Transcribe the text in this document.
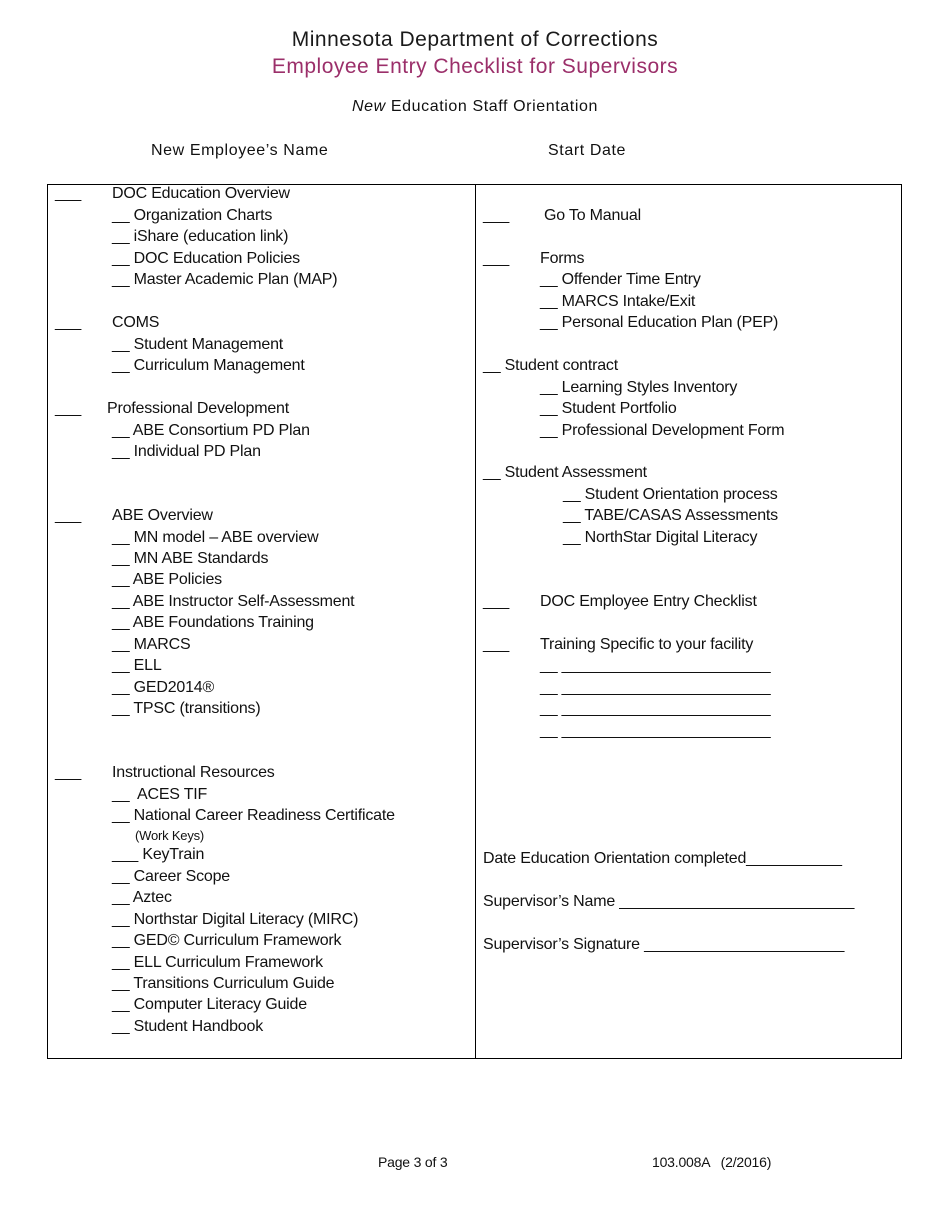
Minnesota Department of Corrections
Employee Entry Checklist for Supervisors
New Education Staff Orientation
New Employee’s Name	Start Date
___ DOC Education Overview
__ Organization Charts
__ iShare (education link)
__ DOC Education Policies
__ Master Academic Plan (MAP)
___ COMS
__ Student Management
__ Curriculum Management
___ Professional Development
__ ABE Consortium PD Plan
__ Individual PD Plan
___ ABE Overview
__ MN model – ABE overview
__ MN ABE Standards
__ ABE Policies
__ ABE Instructor Self-Assessment
__ ABE Foundations Training
__ MARCS
__ ELL
__ GED2014®
__ TPSC (transitions)
___ Instructional Resources
__  ACES TIF
__ National Career Readiness Certificate
(Work Keys)
___ KeyTrain
__ Career Scope
__ Aztec
__ Northstar Digital Literacy (MIRC)
__ GED© Curriculum Framework
__ ELL Curriculum Framework
__ Transitions Curriculum Guide
__ Computer Literacy Guide
__ Student Handbook
___ Go To Manual
___ Forms
__ Offender Time Entry
__ MARCS Intake/Exit
__ Personal Education Plan (PEP)
__ Student contract
__ Learning Styles Inventory
__ Student Portfolio
__ Professional Development Form
__ Student Assessment
__ Student Orientation process
__ TABE/CASAS Assessments
__ NorthStar Digital Literacy
___ DOC Employee Entry Checklist
___ Training Specific to your facility
__ ________________________
__ ________________________
__ ________________________
__ ________________________
Date Education Orientation completed___________
Supervisor’s Name ___________________________
Supervisor’s Signature _______________________
Page 3 of 3	103.008A   (2/2016)
